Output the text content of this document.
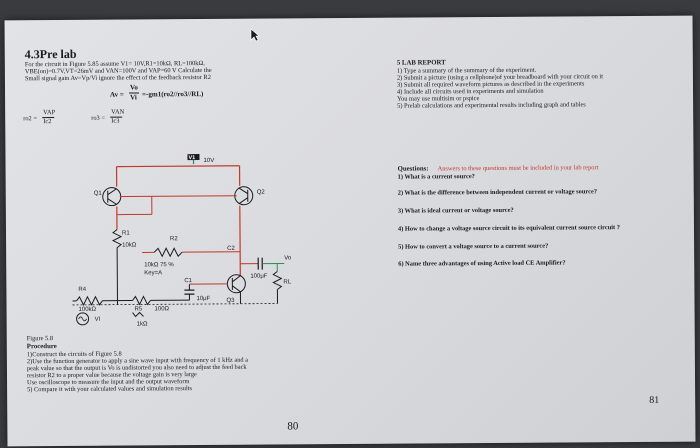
4.3Pre lab
For the circuit in Figure 5.85 assume V1= 10V,R1=10kΩ, RL=100kΩ,
VBE(on)=0.7V,VT=26mV and VAN=100V and VAP=60 V Calculate the
Small signal gain Av=Vp/Vi ignore the effect of the feedback resistor R2
Av =
Vo
Vi =-gm1(ro2//ro3//RL)
ro2 =
VAP
Ic2	ro3 =
VAN
Ic3
V1 10V
Q1	Q2
R1
10kΩ
R2
10kΩ 75 %
Key=A
C2
100μF
Vo
RL
Q3
C1
10μF
R4
100kΩ	R5 100Ω
VI
1kΩ
Figure 5.8
Procedure
1)Construct the circuits of Figure 5.8
2)Use the function generator to apply a sine wave input with frequency of 1 kHz and a
peak value so that the output is Vo is undistorted you also need to adjust the feed back
resistor R2 to a proper value because the voltage gain is very large
Use oscilloscope to measure the input and the output waveform
5) Compare it with your calculated values and simulation results
80
5 LAB REPORT
1) Type a summary of the summary of the experiment.
2) Submit a picture (using a cellphone)of your breadboard with your circuit on it
3) Submit all required waveform pictures as described in the experiments
4) Include all circuits used in experiments and simulation
You may use multisim or pspice
5) Prelab calculations and experimental results including graph and tables
Questions: Answers to these questions must be included in your lab report
1) What is a current source?
2) What is the difference between independent current or voltage source?
3) What is ideal current or voltage source?
4) How to change a voltage source circuit to its equivalent current source circuit ?
5) How to convert a voltage source to a current source?
6) Name three advantages of using Active load CE Amplifier?
81
